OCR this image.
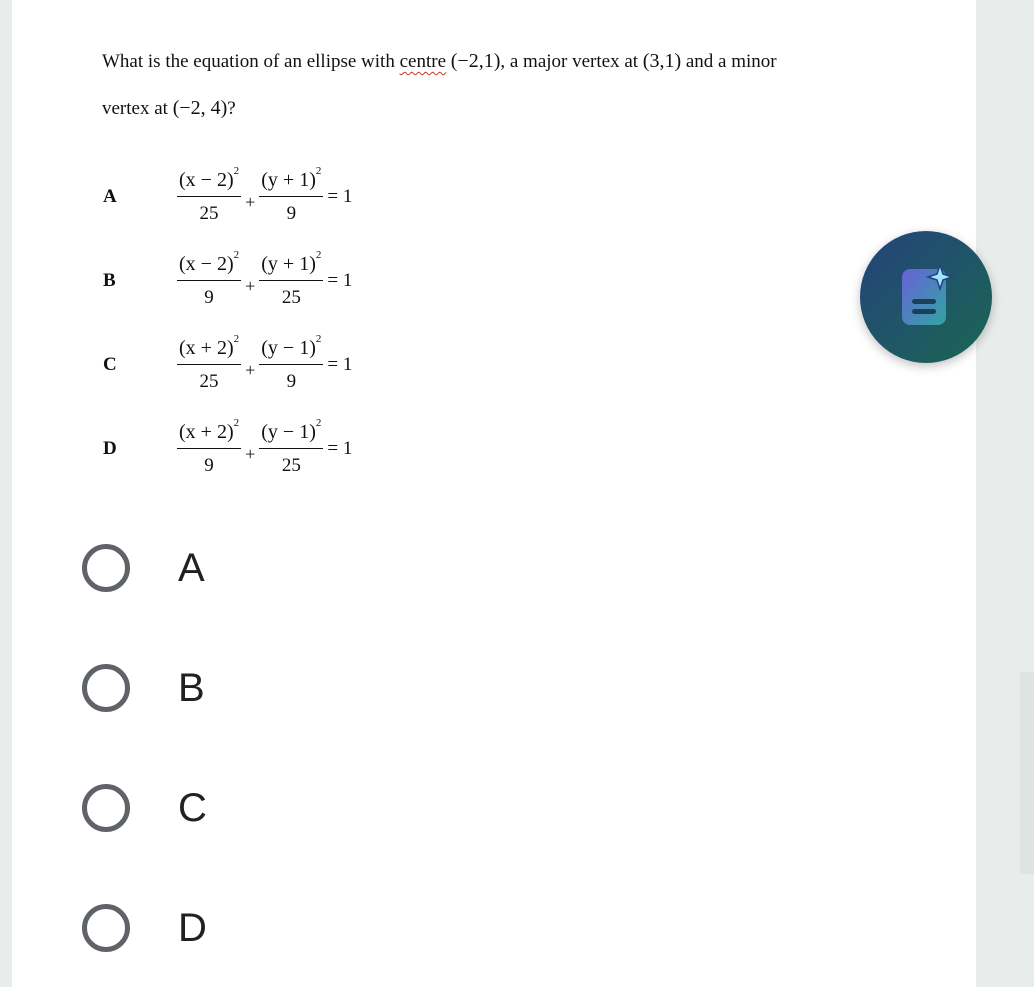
What is the equation of an ellipse with centre (−2,1), a major vertex at (3,1) and a minor
vertex at (−2, 4)?
A	$\frac{(x - 2)^2}{25} + \frac{(y + 1)^2}{9} = 1$
B	$\frac{(x - 2)^2}{9} + \frac{(y + 1)^2}{25} = 1$
C	$\frac{(x + 2)^2}{25} + \frac{(y - 1)^2}{9} = 1$
D	$\frac{(x + 2)^2}{9} + \frac{(y - 1)^2}{25} = 1$
A
B
C
D
